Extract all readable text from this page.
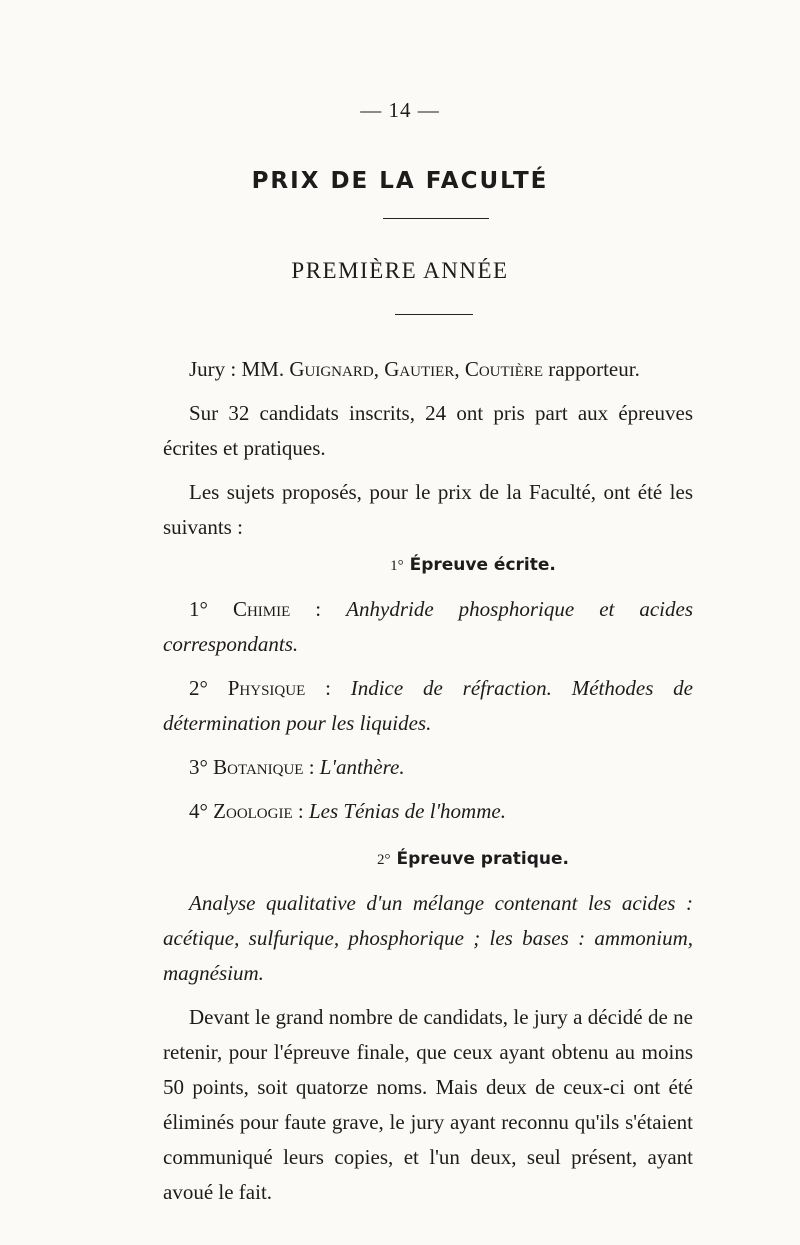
— 14 —
PRIX DE LA FACULTÉ
PREMIÈRE ANNÉE

Jury : MM. Guignard, Gautier, Coutière rapporteur.

Sur 32 candidats inscrits, 24 ont pris part aux épreuves écrites et pratiques.

Les sujets proposés, pour le prix de la Faculté, ont été les suivants :

1° Épreuve écrite.

1° Chimie : Anhydride phosphorique et acides correspondants.

2° Physique : Indice de réfraction. Méthodes de détermination pour les liquides.

3° Botanique : L'anthère.

4° Zoologie : Les Ténias de l'homme.

2° Épreuve pratique.

Analyse qualitative d'un mélange contenant les acides : acétique, sulfurique, phosphorique ; les bases : ammonium, magnésium.

Devant le grand nombre de candidats, le jury a décidé de ne retenir, pour l'épreuve finale, que ceux ayant obtenu au moins 50 points, soit quatorze noms. Mais deux de ceux-ci ont été éliminés pour faute grave, le jury ayant reconnu qu'ils s'étaient communiqué leurs copies, et l'un deux, seul présent, ayant avoué le fait.
